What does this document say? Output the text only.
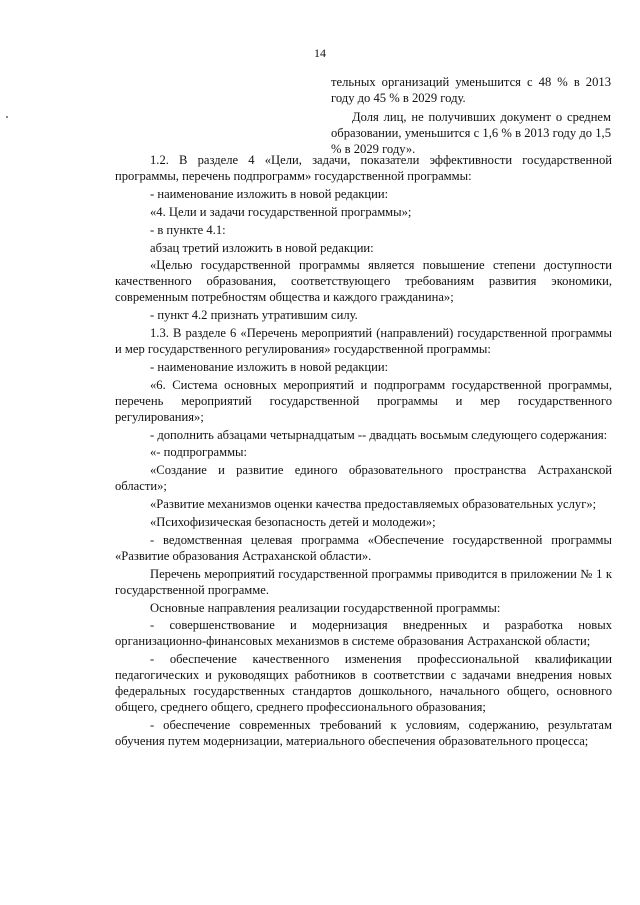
14

тельных организаций уменьшится с 48 % в 2013 году до 45 % в 2029 году.

Доля лиц, не получивших документ о среднем образовании, уменьшится с 1,6 % в 2013 году до 1,5 % в 2029 году».

1.2. В разделе 4 «Цели, задачи, показатели эффективности государственной программы, перечень подпрограмм» государственной программы:

- наименование изложить в новой редакции:

«4. Цели и задачи государственной программы»;

- в пункте 4.1:

абзац третий изложить в новой редакции:

«Целью государственной программы является повышение степени доступности качественного образования, соответствующего требованиям развития экономики, современным потребностям общества и каждого гражданина»;

- пункт 4.2 признать утратившим силу.

1.3. В разделе 6 «Перечень мероприятий (направлений) государственной программы и мер государственного регулирования» государственной программы:

- наименование изложить в новой редакции:

«6. Система основных мероприятий и подпрограмм государственной программы, перечень мероприятий государственной программы и мер государственного регулирования»;

- дополнить абзацами четырнадцатым -- двадцать восьмым следующего содержания:

«- подпрограммы:

«Создание и развитие единого образовательного пространства Астраханской области»;

«Развитие механизмов оценки качества предоставляемых образовательных услуг»;

«Психофизическая безопасность детей и молодежи»;

- ведомственная целевая программа «Обеспечение государственной программы «Развитие образования Астраханской области».

Перечень мероприятий государственной программы приводится в приложении № 1 к государственной программе.

Основные направления реализации государственной программы:

- совершенствование и модернизация внедренных и разработка новых организационно-финансовых механизмов в системе образования Астраханской области;

- обеспечение качественного изменения профессиональной квалификации педагогических и руководящих работников в соответствии с задачами внедрения новых федеральных государственных стандартов дошкольного, начального общего, основного общего, среднего общего, среднего профессионального образования;

- обеспечение современных требований к условиям, содержанию, результатам обучения путем модернизации, материального обеспечения образовательного процесса;
